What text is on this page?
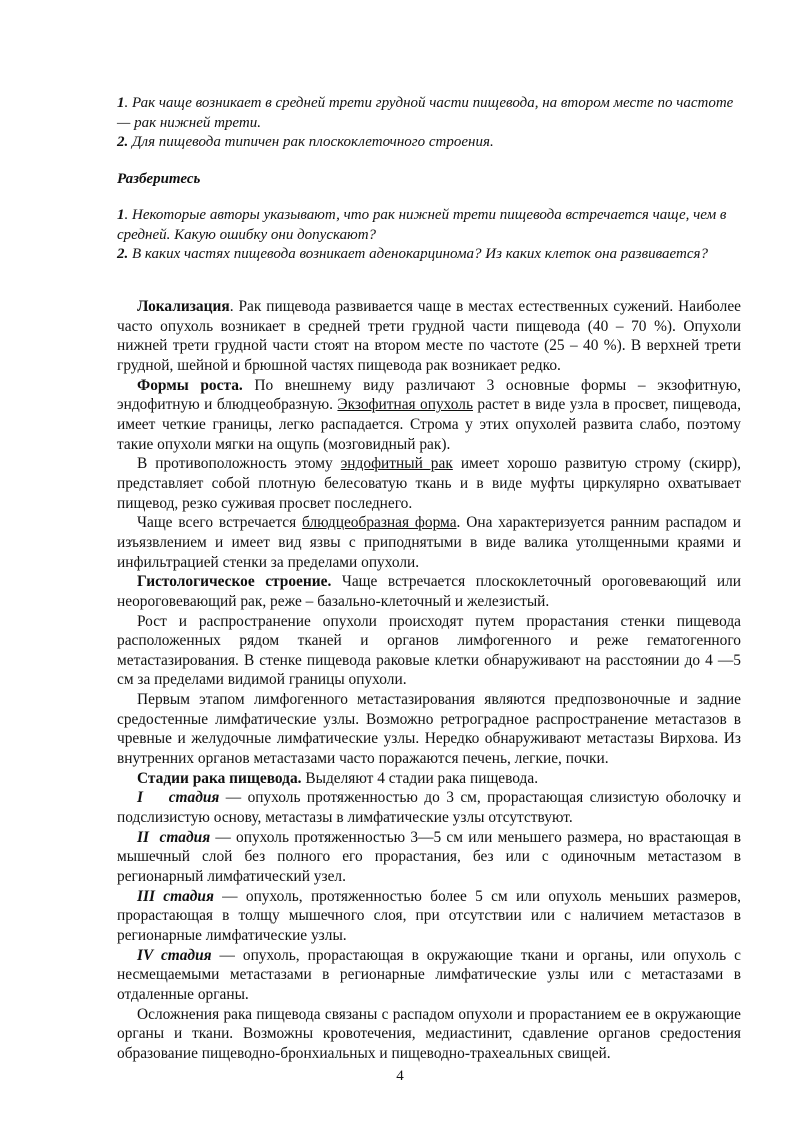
1. Рак чаще возникает в средней трети грудной части пищевода, на втором месте по частоте — рак нижней трети.
2. Для пищевода типичен рак плоскоклеточного строения.
Разберитесь
1. Некоторые авторы указывают, что рак нижней трети пищевода встречается чаще, чем в средней. Какую ошибку они допускают?
2. В каких частях пищевода возникает аденокарцинома? Из каких клеток она развивается?

Локализация. Рак пищевода развивается чаще в местах естественных сужений. Наиболее часто опухоль возникает в средней трети грудной части пищевода (40 – 70 %). Опухоли нижней трети грудной части стоят на втором месте по частоте (25 – 40 %). В верхней трети грудной, шейной и брюшной частях пищевода рак возникает редко.

Формы роста. По внешнему виду различают 3 основные формы – экзофитную, эндофитную и блюдцеобразную. Экзофитная опухоль растет в виде узла в просвет, пищевода, имеет четкие границы, легко распадается. Строма у этих опухолей развита слабо, поэтому такие опухоли мягки на ощупь (мозговидный рак).

В противоположность этому эндофитный рак имеет хорошо развитую строму (скирр), представляет собой плотную белесоватую ткань и в виде муфты циркулярно охватывает пищевод, резко суживая просвет последнего.

Чаще всего встречается блюдцеобразная форма. Она характеризуется ранним распадом и изъязвлением и имеет вид язвы с приподнятыми в виде валика утолщенными краями и инфильтрацией стенки за пределами опухоли.

Гистологическое строение. Чаще встречается плоскоклеточный ороговевающий или неороговевающий рак, реже – базально-клеточный и железистый.

Рост и распространение опухоли происходят путем прорастания стенки пищевода расположенных рядом тканей и органов лимфогенного и реже гематогенного метастазирования. В стенке пищевода раковые клетки обнаруживают на расстоянии до 4 —5 см за пределами видимой границы опухоли.

Первым этапом лимфогенного метастазирования являются предпозвоночные и задние средостенные лимфатические узлы. Возможно ретроградное распространение метастазов в чревные и желудочные лимфатические узлы. Нередко обнаруживают метастазы Вирхова. Из внутренних органов метастазами часто поражаются печень, легкие, почки.

Стадии рака пищевода. Выделяют 4 стадии рака пищевода.

I    стадия — опухоль протяженностью до 3 см, прорастающая слизистую оболочку и подслизистую основу, метастазы в лимфатические узлы отсутствуют.

II  стадия — опухоль протяженностью 3—5 см или меньшего размера, но врастающая в мышечный слой без полного его прорастания, без или с одиночным метастазом в регионарный лимфатический узел.

III стадия — опухоль, протяженностью более 5 см или опухоль меньших размеров, прорастающая в толщу мышечного слоя, при отсутствии или с наличием метастазов в регионарные лимфатические узлы.

IV стадия — опухоль, прорастающая в окружающие ткани и органы, или опухоль с несмещаемыми метастазами в регионарные лимфатические узлы или с метастазами в отдаленные органы.

Осложнения рака пищевода связаны с распадом опухоли и прорастанием ее в окружающие органы и ткани. Возможны кровотечения, медиастинит, сдавление органов средостения образование пищеводно-бронхиальных и пищеводно-трахеальных свищей.

4
